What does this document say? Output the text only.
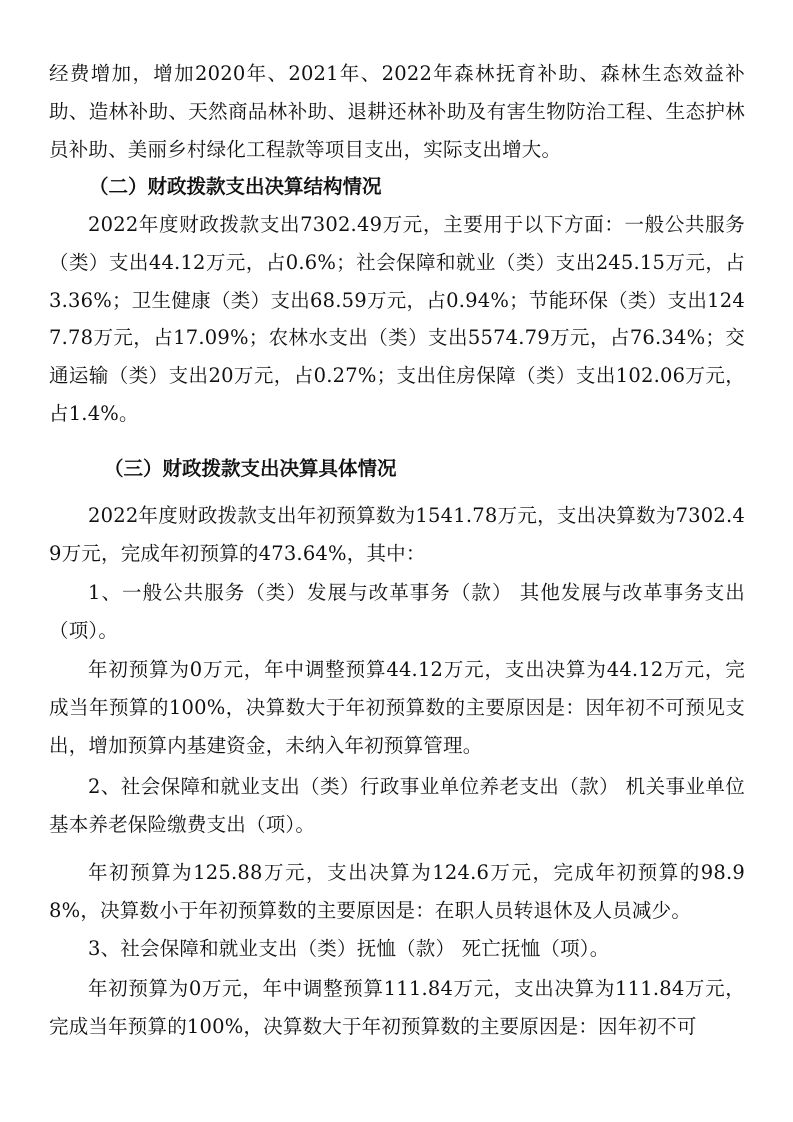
经费增加，增加2020年、2021年、2022年森林抚育补助、森林生态效益补助、造林补助、天然商品林补助、退耕还林补助及有害生物防治工程、生态护林员补助、美丽乡村绿化工程款等项目支出，实际支出增大。

（二）财政拨款支出决算结构情况

2022年度财政拨款支出7302.49万元，主要用于以下方面：一般公共服务（类）支出44.12万元，占0.6%；社会保障和就业（类）支出245.15万元，占3.36%；卫生健康（类）支出68.59万元，占0.94%；节能环保（类）支出1247.78万元，占17.09%；农林水支出（类）支出5574.79万元，占76.34%；交通运输（类）支出20万元，占0.27%；支出住房保障（类）支出102.06万元，占1.4%。

（三）财政拨款支出决算具体情况

2022年度财政拨款支出年初预算数为1541.78万元，支出决算数为7302.49万元，完成年初预算的473.64%，其中：

1、一般公共服务（类）发展与改革事务（款） 其他发展与改革事务支出（项）。

年初预算为0万元，年中调整预算44.12万元，支出决算为44.12万元，完成当年预算的100%，决算数大于年初预算数的主要原因是：因年初不可预见支出，增加预算内基建资金，未纳入年初预算管理。

2、社会保障和就业支出（类）行政事业单位养老支出（款） 机关事业单位基本养老保险缴费支出（项）。

年初预算为125.88万元，支出决算为124.6万元，完成年初预算的98.98%，决算数小于年初预算数的主要原因是：在职人员转退休及人员减少。

3、社会保障和就业支出（类）抚恤（款） 死亡抚恤（项）。

年初预算为0万元，年中调整预算111.84万元，支出决算为111.84万元，完成当年预算的100%，决算数大于年初预算数的主要原因是：因年初不可
